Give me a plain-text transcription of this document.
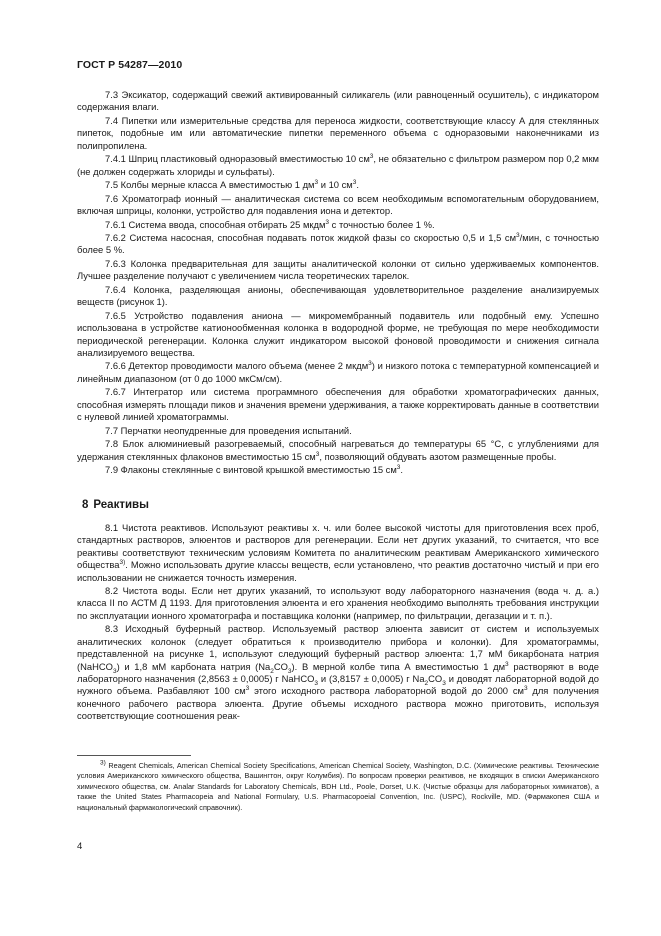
ГОСТ Р 54287—2010

7.3 Эксикатор, содержащий свежий активированный силикагель (или равноценный осушитель), с индикатором содержания влаги.

7.4 Пипетки или измерительные средства для переноса жидкости, соответствующие классу А для стеклянных пипеток, подобные им или автоматические пипетки переменного объема с одноразовыми наконечниками из полипропилена.

7.4.1 Шприц пластиковый одноразовый вместимостью 10 $см^3$, не обязательно с фильтром размером пор 0,2 мкм (не должен содержать хлориды и сульфаты).

7.5 Колбы мерные класса А вместимостью 1 $дм^3$ и 10 $см^3$.

7.6 Хроматограф ионный — аналитическая система со всем необходимым вспомогательным оборудованием, включая шприцы, колонки, устройство для подавления иона и детектор.

7.6.1 Система ввода, способная отбирать 25 мкдм$^3$ с точностью более 1 %.

7.6.2 Система насосная, способная подавать поток жидкой фазы со скоростью 0,5 и 1,5 $см^3$/мин, с точностью более 5 %.

7.6.3 Колонка предварительная для защиты аналитической колонки от сильно удерживаемых компонентов. Лучшее разделение получают с увеличением числа теоретических тарелок.

7.6.4 Колонка, разделяющая анионы, обеспечивающая удовлетворительное разделение анализируемых веществ (рисунок 1).

7.6.5 Устройство подавления аниона — микромембранный подавитель или подобный ему. Успешно использована в устройстве катионообменная колонка в водородной форме, не требующая по мере необходимости периодической регенерации. Колонка служит индикатором высокой фоновой проводимости и снижения сигнала анализируемого вещества.

7.6.6 Детектор проводимости малого объема (менее 2 мкдм$^3$) и низкого потока с температурной компенсацией и линейным диапазоном (от 0 до 1000 мкСм/см).

7.6.7 Интегратор или система программного обеспечения для обработки хроматографических данных, способная измерять площади пиков и значения времени удерживания, а также корректировать данные в соответствии с нулевой линией хроматограммы.

7.7 Перчатки неопудренные для проведения испытаний.

7.8 Блок алюминиевый разогреваемый, способный нагреваться до температуры 65 °С, с углублениями для удержания стеклянных флаконов вместимостью 15 $см^3$, позволяющий обдувать азотом размещенные пробы.

7.9 Флаконы стеклянные с винтовой крышкой вместимостью 15 $см^3$.

8 Реактивы

8.1 Чистота реактивов. Используют реактивы х. ч. или более высокой чистоты для приготовления всех проб, стандартных растворов, элюентов и растворов для регенерации. Если нет других указаний, то считается, что все реактивы соответствуют техническим условиям Комитета по аналитическим реактивам Американского химического общества$^{3)}$. Можно использовать другие классы веществ, если установлено, что реактив достаточно чистый и при его использовании не снижается точность измерения.

8.2 Чистота воды. Если нет других указаний, то используют воду лабораторного назначения (вода ч. д. а.) класса II по АСТМ Д 1193. Для приготовления элюента и его хранения необходимо выполнять требования инструкции по эксплуатации ионного хроматографа и поставщика колонки (например, по фильтрации, дегазации и т. п.).

8.3 Исходный буферный раствор. Используемый раствор элюента зависит от систем и используемых аналитических колонок (следует обратиться к производителю прибора и колонки). Для хроматограммы, представленной на рисунке 1, используют следующий буферный раствор элюента: 1,7 мМ бикарбоната натрия (NaHCO$_3$) и 1,8 мМ карбоната натрия $(Na_2CO_3)$. В мерной колбе типа А вместимостью 1 $дм^3$ растворяют в воде лабораторного назначения (2,8563 ± 0,0005) г NaHCO$_3$ и (3,8157 ± 0,0005) г $Na_2CO_3$ и доводят лабораторной водой до нужного объема. Разбавляют 100 $см^3$ этого исходного раствора лабораторной водой до 2000 $см^3$ для получения конечного рабочего раствора элюента. Другие объемы исходного раствора можно приготовить, используя соответствующие соотношения реак-

$^{3)}$ Reagent Chemicals, American Chemical Society Specifications, American Chemical Society, Washington, D.C. (Химические реактивы. Технические условия Американского химического общества, Вашингтон, округ Колумбия). По вопросам проверки реактивов, не входящих в списки Американского химического общества, см. Analar Standards for Laboratory Chemicals, BDH Ltd., Poole, Dorset, U.K. (Чистые образцы для лабораторных химикатов), а также the United States Pharmacopeia and National Formulary, U.S. Pharmacopoeial Convention, Inc. (USPC), Rockville, MD. (Фармакопея США и национальный фармакологический справочник).
4
